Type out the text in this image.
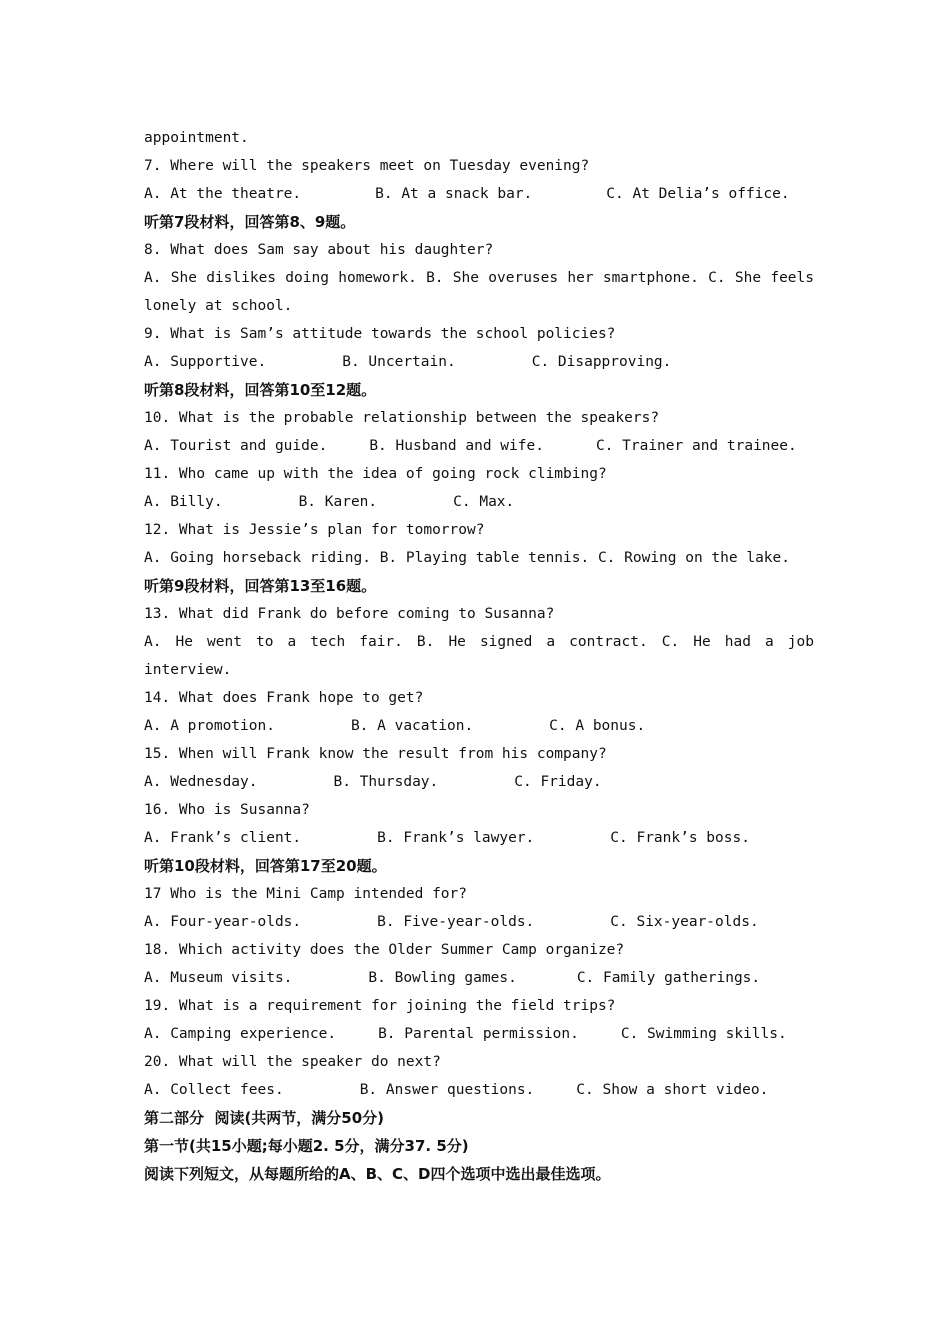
appointment.
7. Where will the speakers meet on Tuesday evening?
A. At the theatre.	B. At a snack bar.	C. At Delia’s office.
听第7段材料，回答第8、9题。
8. What does Sam say about his daughter?
A. She dislikes doing homework. B. She overuses her smartphone. C. She feels lonely at school.
9. What is Sam’s attitude towards the school policies?
A. Supportive.	B. Uncertain.	C. Disapproving.
听第8段材料，回答第10至12题。
10. What is the probable relationship between the speakers?
A. Tourist and guide.	B. Husband and wife.	C. Trainer and trainee.
11. Who came up with the idea of going rock climbing?
A. Billy.	B. Karen.	C. Max.
12. What is Jessie’s plan for tomorrow?
A. Going horseback riding. B. Playing table tennis. C. Rowing on the lake.
听第9段材料，回答第13至16题。
13. What did Frank do before coming to Susanna?
A. He went to a tech fair. B. He signed a contract. C. He had a job interview.
14. What does Frank hope to get?
A. A promotion.	B. A vacation.	C. A bonus.
15. When will Frank know the result from his company?
A. Wednesday.	B. Thursday.	C. Friday.
16. Who is Susanna?
A. Frank’s client.	B. Frank’s lawyer.	C. Frank’s boss.
听第10段材料，回答第17至20题。
17 Who is the Mini Camp intended for?
A. Four-year-olds.	B. Five-year-olds.	C. Six-year-olds.
18. Which activity does the Older Summer Camp organize?
A. Museum visits.	B. Bowling games.	C. Family gatherings.
19. What is a requirement for joining the field trips?
A. Camping experience.	B. Parental permission.	C. Swimming skills.
20. What will the speaker do next?
A. Collect fees.	B. Answer questions.	C. Show a short video.
第二部分  阅读(共两节，满分50分)
第一节(共15小题;每小题2. 5分，满分37. 5分)
阅读下列短文，从每题所给的A、B、C、D四个选项中选出最佳选项。
